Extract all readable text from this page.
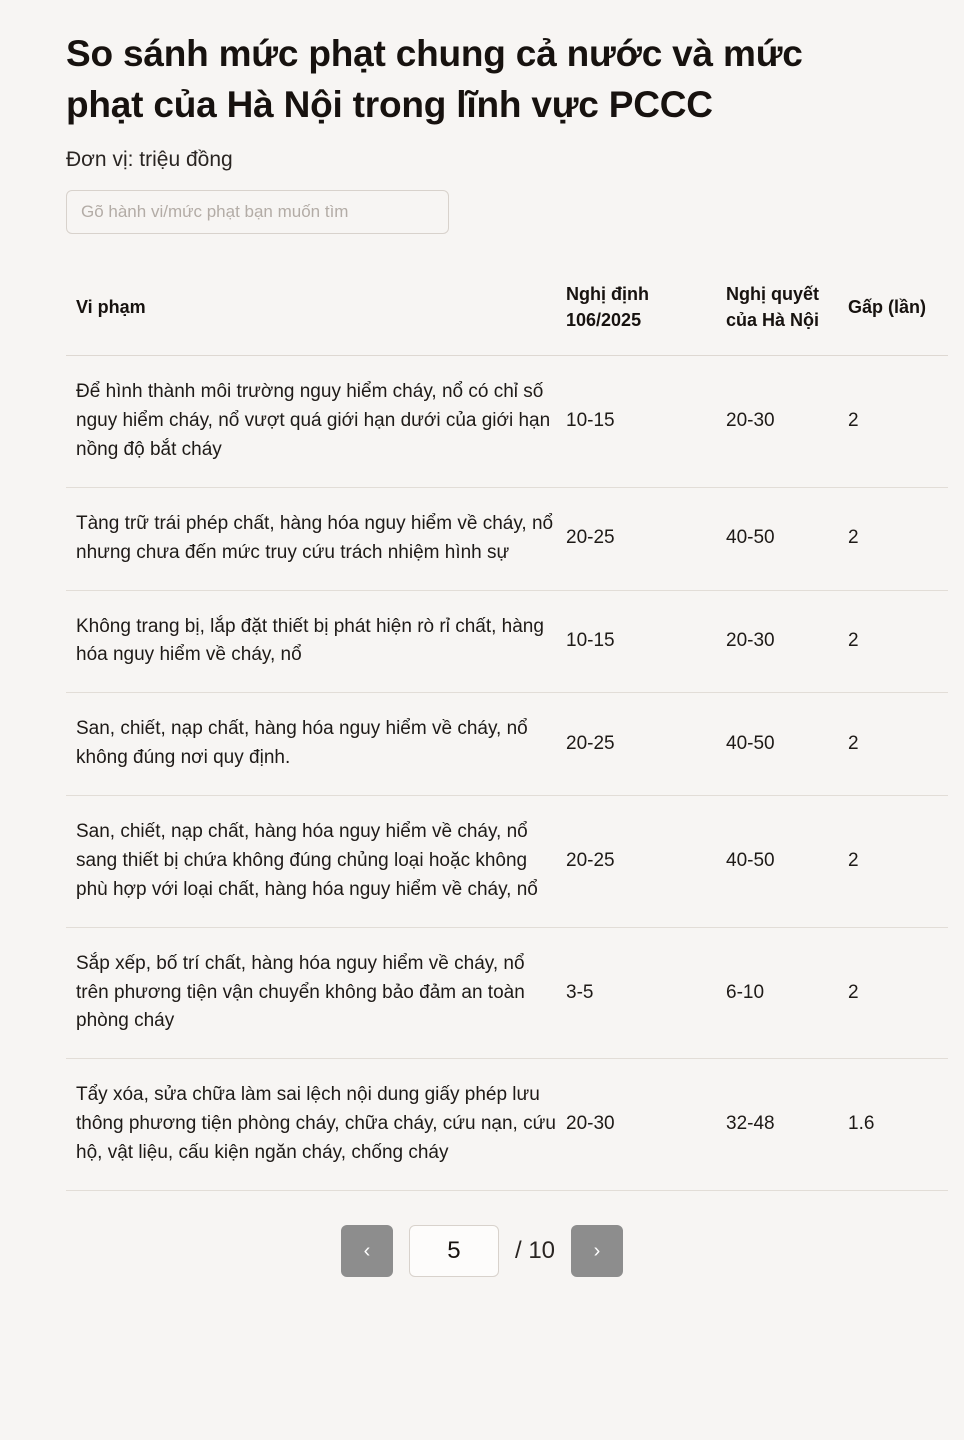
So sánh mức phạt chung cả nước và mức phạt của Hà Nội trong lĩnh vực PCCC
Đơn vị: triệu đồng
Gõ hành vi/mức phạt bạn muốn tìm
Vi phạm	Nghị định 106/2025	Nghị quyết của Hà Nội	Gấp (lần)
Để hình thành môi trường nguy hiểm cháy, nổ có chỉ số nguy hiểm cháy, nổ vượt quá giới hạn dưới của giới hạn nồng độ bắt cháy	10-15	20-30	2
Tàng trữ trái phép chất, hàng hóa nguy hiểm về cháy, nổ nhưng chưa đến mức truy cứu trách nhiệm hình sự	20-25	40-50	2
Không trang bị, lắp đặt thiết bị phát hiện rò rỉ chất, hàng hóa nguy hiểm về cháy, nổ	10-15	20-30	2
San, chiết, nạp chất, hàng hóa nguy hiểm về cháy, nổ không đúng nơi quy định.	20-25	40-50	2
San, chiết, nạp chất, hàng hóa nguy hiểm về cháy, nổ sang thiết bị chứa không đúng chủng loại hoặc không phù hợp với loại chất, hàng hóa nguy hiểm về cháy, nổ	20-25	40-50	2
Sắp xếp, bố trí chất, hàng hóa nguy hiểm về cháy, nổ trên phương tiện vận chuyển không bảo đảm an toàn phòng cháy	3-5	6-10	2
Tẩy xóa, sửa chữa làm sai lệch nội dung giấy phép lưu thông phương tiện phòng cháy, chữa cháy, cứu nạn, cứu hộ, vật liệu, cấu kiện ngăn cháy, chống cháy	20-30	32-48	1.6
‹	5	/ 10	›
